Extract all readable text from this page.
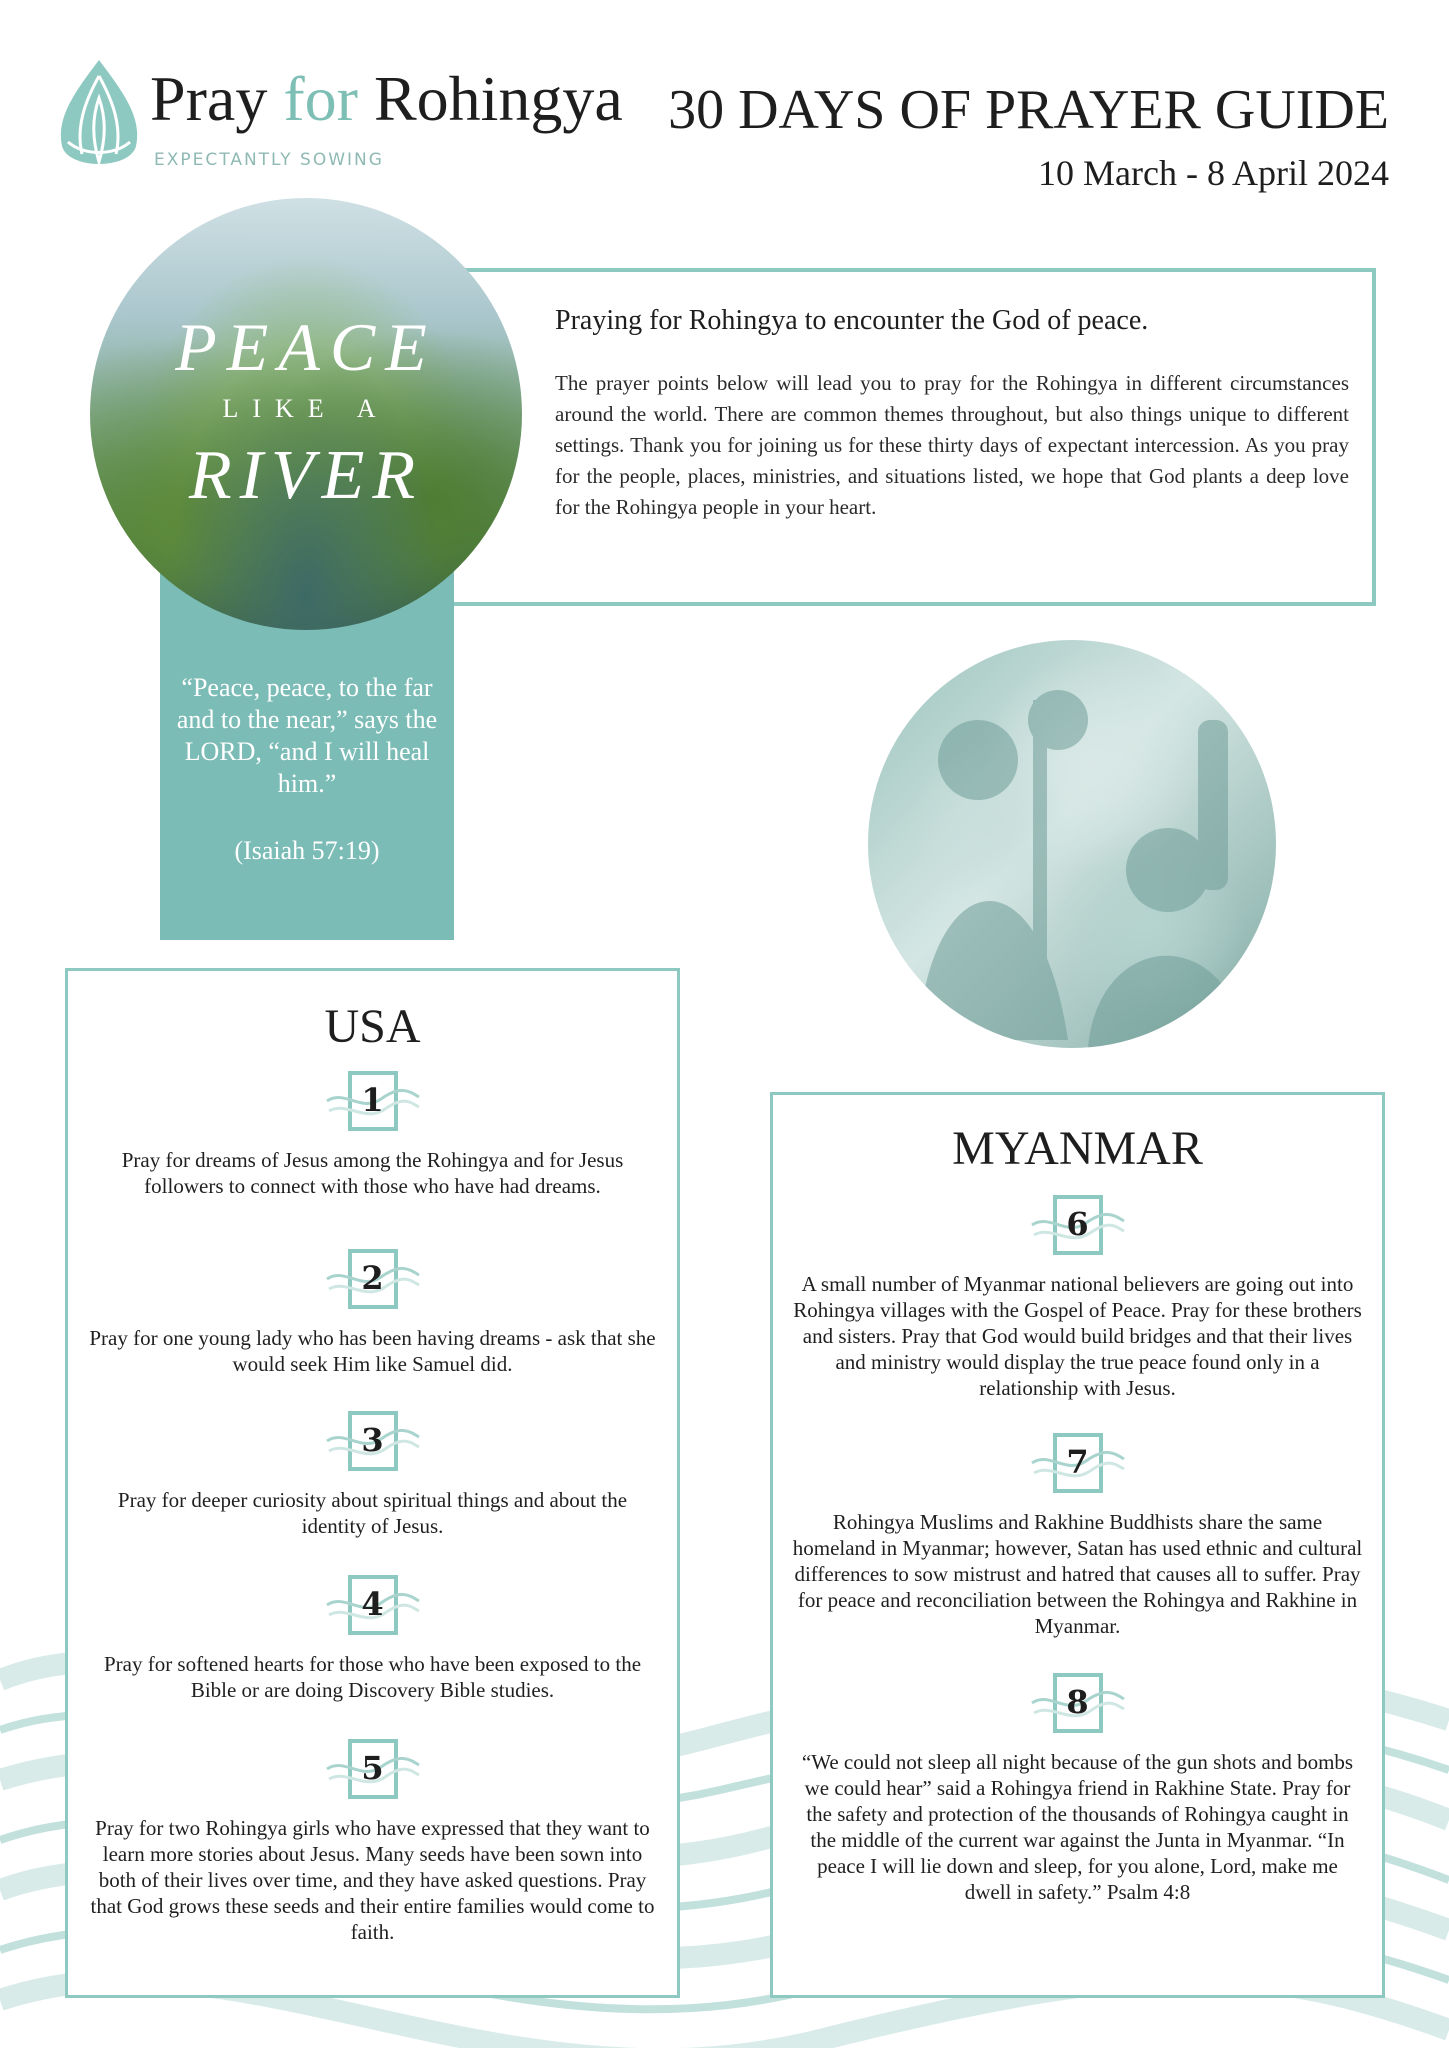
Pray for Rohingya
EXPECTANTLY SOWING
30 DAYS OF PRAYER GUIDE
10 March - 8 April 2024
Praying for Rohingya to encounter the God of peace.
The prayer points below will lead you to pray for the Rohingya in different circumstances around the world. There are common themes throughout, but also things unique to different settings. Thank you for joining us for these thirty days of expectant intercession. As you pray for the people, places, ministries, and situations listed, we hope that God plants a deep love for the Rohingya people in your heart.
PEACE
LIKE A
RIVER
“Peace, peace, to the far and to the near,” says the LORD, “and I will heal him.”
(Isaiah 57:19)
USA
1
Pray for dreams of Jesus among the Rohingya and for Jesus followers to connect with those who have had dreams.
2
Pray for one young lady who has been having dreams - ask that she would seek Him like Samuel did.
3
Pray for deeper curiosity about spiritual things and about the identity of Jesus.
4
Pray for softened hearts for those who have been exposed to the Bible or are doing Discovery Bible studies.
5
Pray for two Rohingya girls who have expressed that they want to learn more stories about Jesus. Many seeds have been sown into both of their lives over time, and they have asked questions. Pray that God grows these seeds and their entire families would come to faith.
MYANMAR
6
A small number of Myanmar national believers are going out into Rohingya villages with the Gospel of Peace. Pray for these brothers and sisters. Pray that God would build bridges and that their lives and ministry would display the true peace found only in a relationship with Jesus.
7
Rohingya Muslims and Rakhine Buddhists share the same homeland in Myanmar; however, Satan has used ethnic and cultural differences to sow mistrust and hatred that causes all to suffer. Pray for peace and reconciliation between the Rohingya and Rakhine in Myanmar.
8
“We could not sleep all night because of the gun shots and bombs we could hear” said a Rohingya friend in Rakhine State. Pray for the safety and protection of the thousands of Rohingya caught in the middle of the current war against the Junta in Myanmar. “In peace I will lie down and sleep, for you alone, Lord, make me dwell in safety.” Psalm 4:8
